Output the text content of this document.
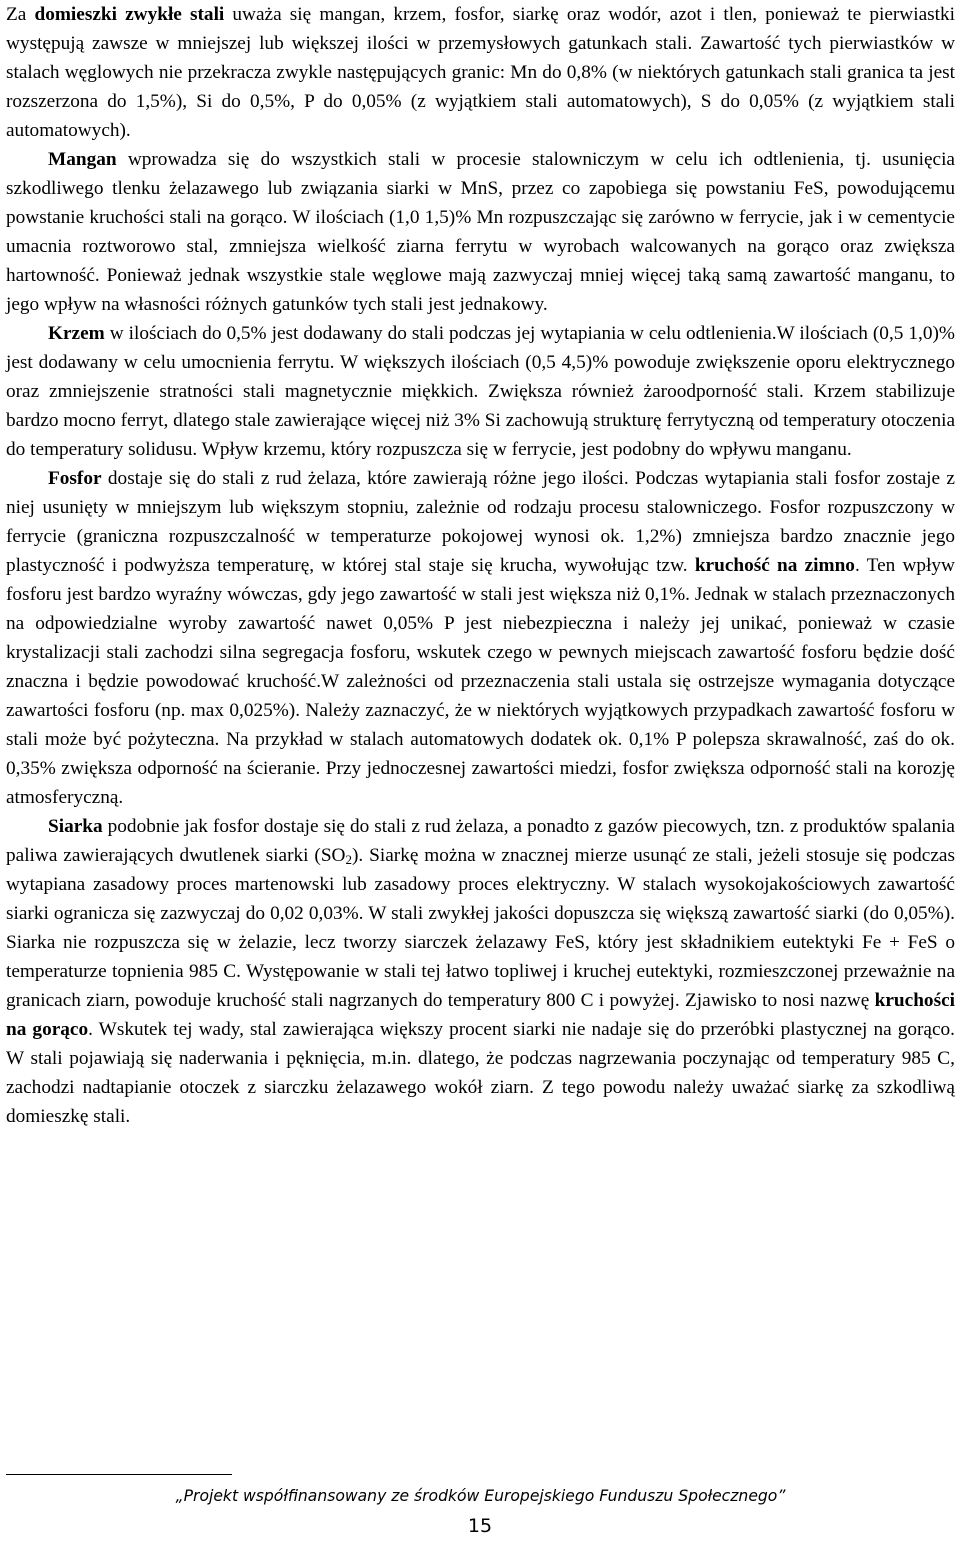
Za domieszki zwykłe stali uważa się mangan, krzem, fosfor, siarkę oraz wodór, azot i tlen, ponieważ te pierwiastki występują zawsze w mniejszej lub większej ilości w przemysłowych gatunkach stali. Zawartość tych pierwiastków w stalach węglowych nie przekracza zwykle następujących granic: Mn do 0,8% (w niektórych gatunkach stali granica ta jest rozszerzona do 1,5%), Si do 0,5%, P do 0,05% (z wyjątkiem stali automatowych), S do 0,05% (z wyjątkiem stali automatowych).

Mangan wprowadza się do wszystkich stali w procesie stalowniczym w celu ich odtlenienia, tj. usunięcia szkodliwego tlenku żelazawego lub związania siarki w MnS, przez co zapobiega się powstaniu FeS, powodującemu powstanie kruchości stali na gorąco. W ilościach (1,0 1,5)% Mn rozpuszczając się zarówno w ferrycie, jak i w cementycie umacnia roztworowo stal, zmniejsza wielkość ziarna ferrytu w wyrobach walcowanych na gorąco oraz zwiększa hartowność. Ponieważ jednak wszystkie stale węglowe mają zazwyczaj mniej więcej taką samą zawartość manganu, to jego wpływ na własności różnych gatunków tych stali jest jednakowy.

Krzem w ilościach do 0,5% jest dodawany do stali podczas jej wytapiania w celu odtlenienia.W ilościach (0,5 1,0)% jest dodawany w celu umocnienia ferrytu. W większych ilościach (0,5 4,5)% powoduje zwiększenie oporu elektrycznego oraz zmniejszenie stratności stali magnetycznie miękkich. Zwiększa również żaroodporność stali. Krzem stabilizuje bardzo mocno ferryt, dlatego stale zawierające więcej niż 3% Si zachowują strukturę ferrytyczną od temperatury otoczenia do temperatury solidusu. Wpływ krzemu, który rozpuszcza się w ferrycie, jest podobny do wpływu manganu.

Fosfor dostaje się do stali z rud żelaza, które zawierają różne jego ilości. Podczas wytapiania stali fosfor zostaje z niej usunięty w mniejszym lub większym stopniu, zależnie od rodzaju procesu stalowniczego. Fosfor rozpuszczony w ferrycie (graniczna rozpuszczalność w temperaturze pokojowej wynosi ok. 1,2%) zmniejsza bardzo znacznie jego plastyczność i podwyższa temperaturę, w której stal staje się krucha, wywołując tzw. kruchość na zimno. Ten wpływ fosforu jest bardzo wyraźny wówczas, gdy jego zawartość w stali jest większa niż 0,1%. Jednak w stalach przeznaczonych na odpowiedzialne wyroby zawartość nawet 0,05% P jest niebezpieczna i należy jej unikać, ponieważ w czasie krystalizacji stali zachodzi silna segregacja fosforu, wskutek czego w pewnych miejscach zawartość fosforu będzie dość znaczna i będzie powodować kruchość.W zależności od przeznaczenia stali ustala się ostrzejsze wymagania dotyczące zawartości fosforu (np. max 0,025%). Należy zaznaczyć, że w niektórych wyjątkowych przypadkach zawartość fosforu w stali może być pożyteczna. Na przykład w stalach automatowych dodatek ok. 0,1% P polepsza skrawalność, zaś do ok. 0,35% zwiększa odporność na ścieranie. Przy jednoczesnej zawartości miedzi, fosfor zwiększa odporność stali na korozję atmosferyczną.

Siarka podobnie jak fosfor dostaje się do stali z rud żelaza, a ponadto z gazów piecowych, tzn. z produktów spalania paliwa zawierających dwutlenek siarki $(SO_2)$. Siarkę można w znacznej mierze usunąć ze stali, jeżeli stosuje się podczas wytapiana zasadowy proces martenowski lub zasadowy proces elektryczny. W stalach wysokojakościowych zawartość siarki ogranicza się zazwyczaj do 0,02 0,03%. W stali zwykłej jakości dopuszcza się większą zawartość siarki (do 0,05%). Siarka nie rozpuszcza się w żelazie, lecz tworzy siarczek żelazawy FeS, który jest składnikiem eutektyki Fe + FeS o temperaturze topnienia 985 C. Występowanie w stali tej łatwo topliwej i kruchej eutektyki, rozmieszczonej przeważnie na granicach ziarn, powoduje kruchość stali nagrzanych do temperatury 800 C i powyżej. Zjawisko to nosi nazwę kruchości na gorąco. Wskutek tej wady, stal zawierająca większy procent siarki nie nadaje się do przeróbki plastycznej na gorąco. W stali pojawiają się naderwania i pęknięcia, m.in. dlatego, że podczas nagrzewania poczynając od temperatury 985 C, zachodzi nadtapianie otoczek z siarczku żelazawego wokół ziarn. Z tego powodu należy uważać siarkę za szkodliwą domieszkę stali.

„Projekt współfinansowany ze środków Europejskiego Funduszu Społecznego”
15
